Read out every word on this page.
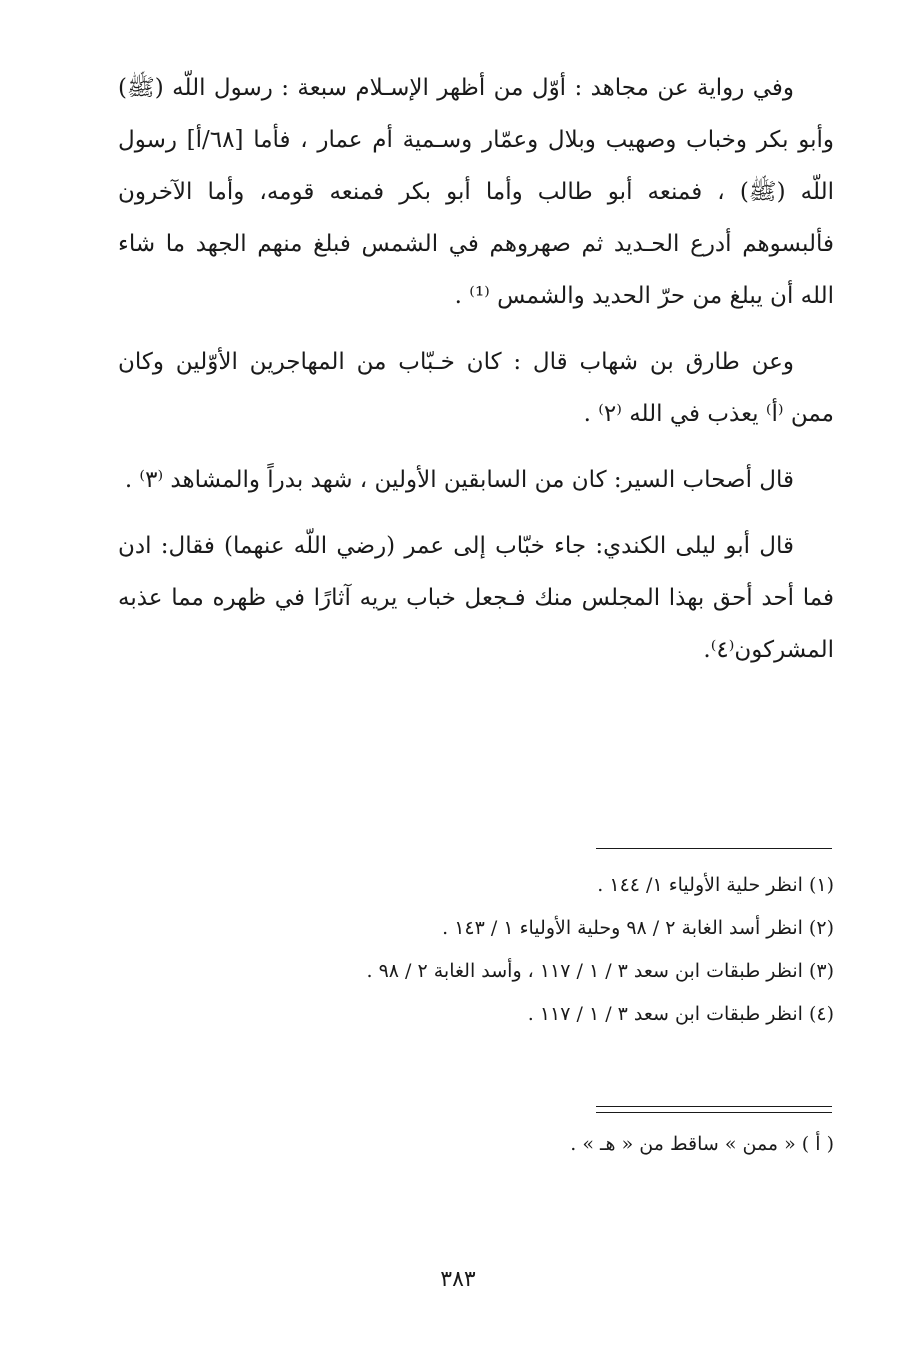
وفي رواية عن مجاهد : أوّل من أظهر الإسـلام سبعة : رسول اللّه (ﷺ) وأبو بكر وخباب وصهيب وبلال وعمّار وسـمية أم عمار ، فأما [٦٨/أ] رسول اللّه (ﷺ) ، فمنعه أبو طالب وأما أبو بكر فمنعه قومه، وأما الآخرون فألبسوهم أدرع الحـديد ثم صهروهم في الشمس فبلغ منهم الجهد ما شاء الله أن يبلغ من حرّ الحديد والشمس ⁽¹⁾ .

وعن طارق بن شهاب قال : كان خـبّاب من المهاجرين الأوّلين وكان ممن ⁽أ⁾ يعذب في الله ⁽٢⁾ .

قال أصحاب السير: كان من السابقين الأولين ، شهد بدراً والمشاهد ⁽٣⁾ .

قال أبو ليلى الكندي: جاء خبّاب إلى عمر (رضي اللّه عنهما) فقال: ادن فما أحد أحق بهذا المجلس منك فـجعل خباب يريه آثارًا في ظهره مما عذبه المشركون⁽٤⁾.

(١) انظر حلية الأولياء ١/ ١٤٤ .
(٢) انظر أسد الغابة ٢ / ٩٨ وحلية الأولياء ١ / ١٤٣ .
(٣) انظر طبقات ابن سعد ٣ / ١ / ١١٧ ، وأسد الغابة ٢ / ٩٨ .
(٤) انظر طبقات ابن سعد ٣ / ١ / ١١٧ .
( أ ) « ممن » ساقط من « هـ » .
٣٨٣
